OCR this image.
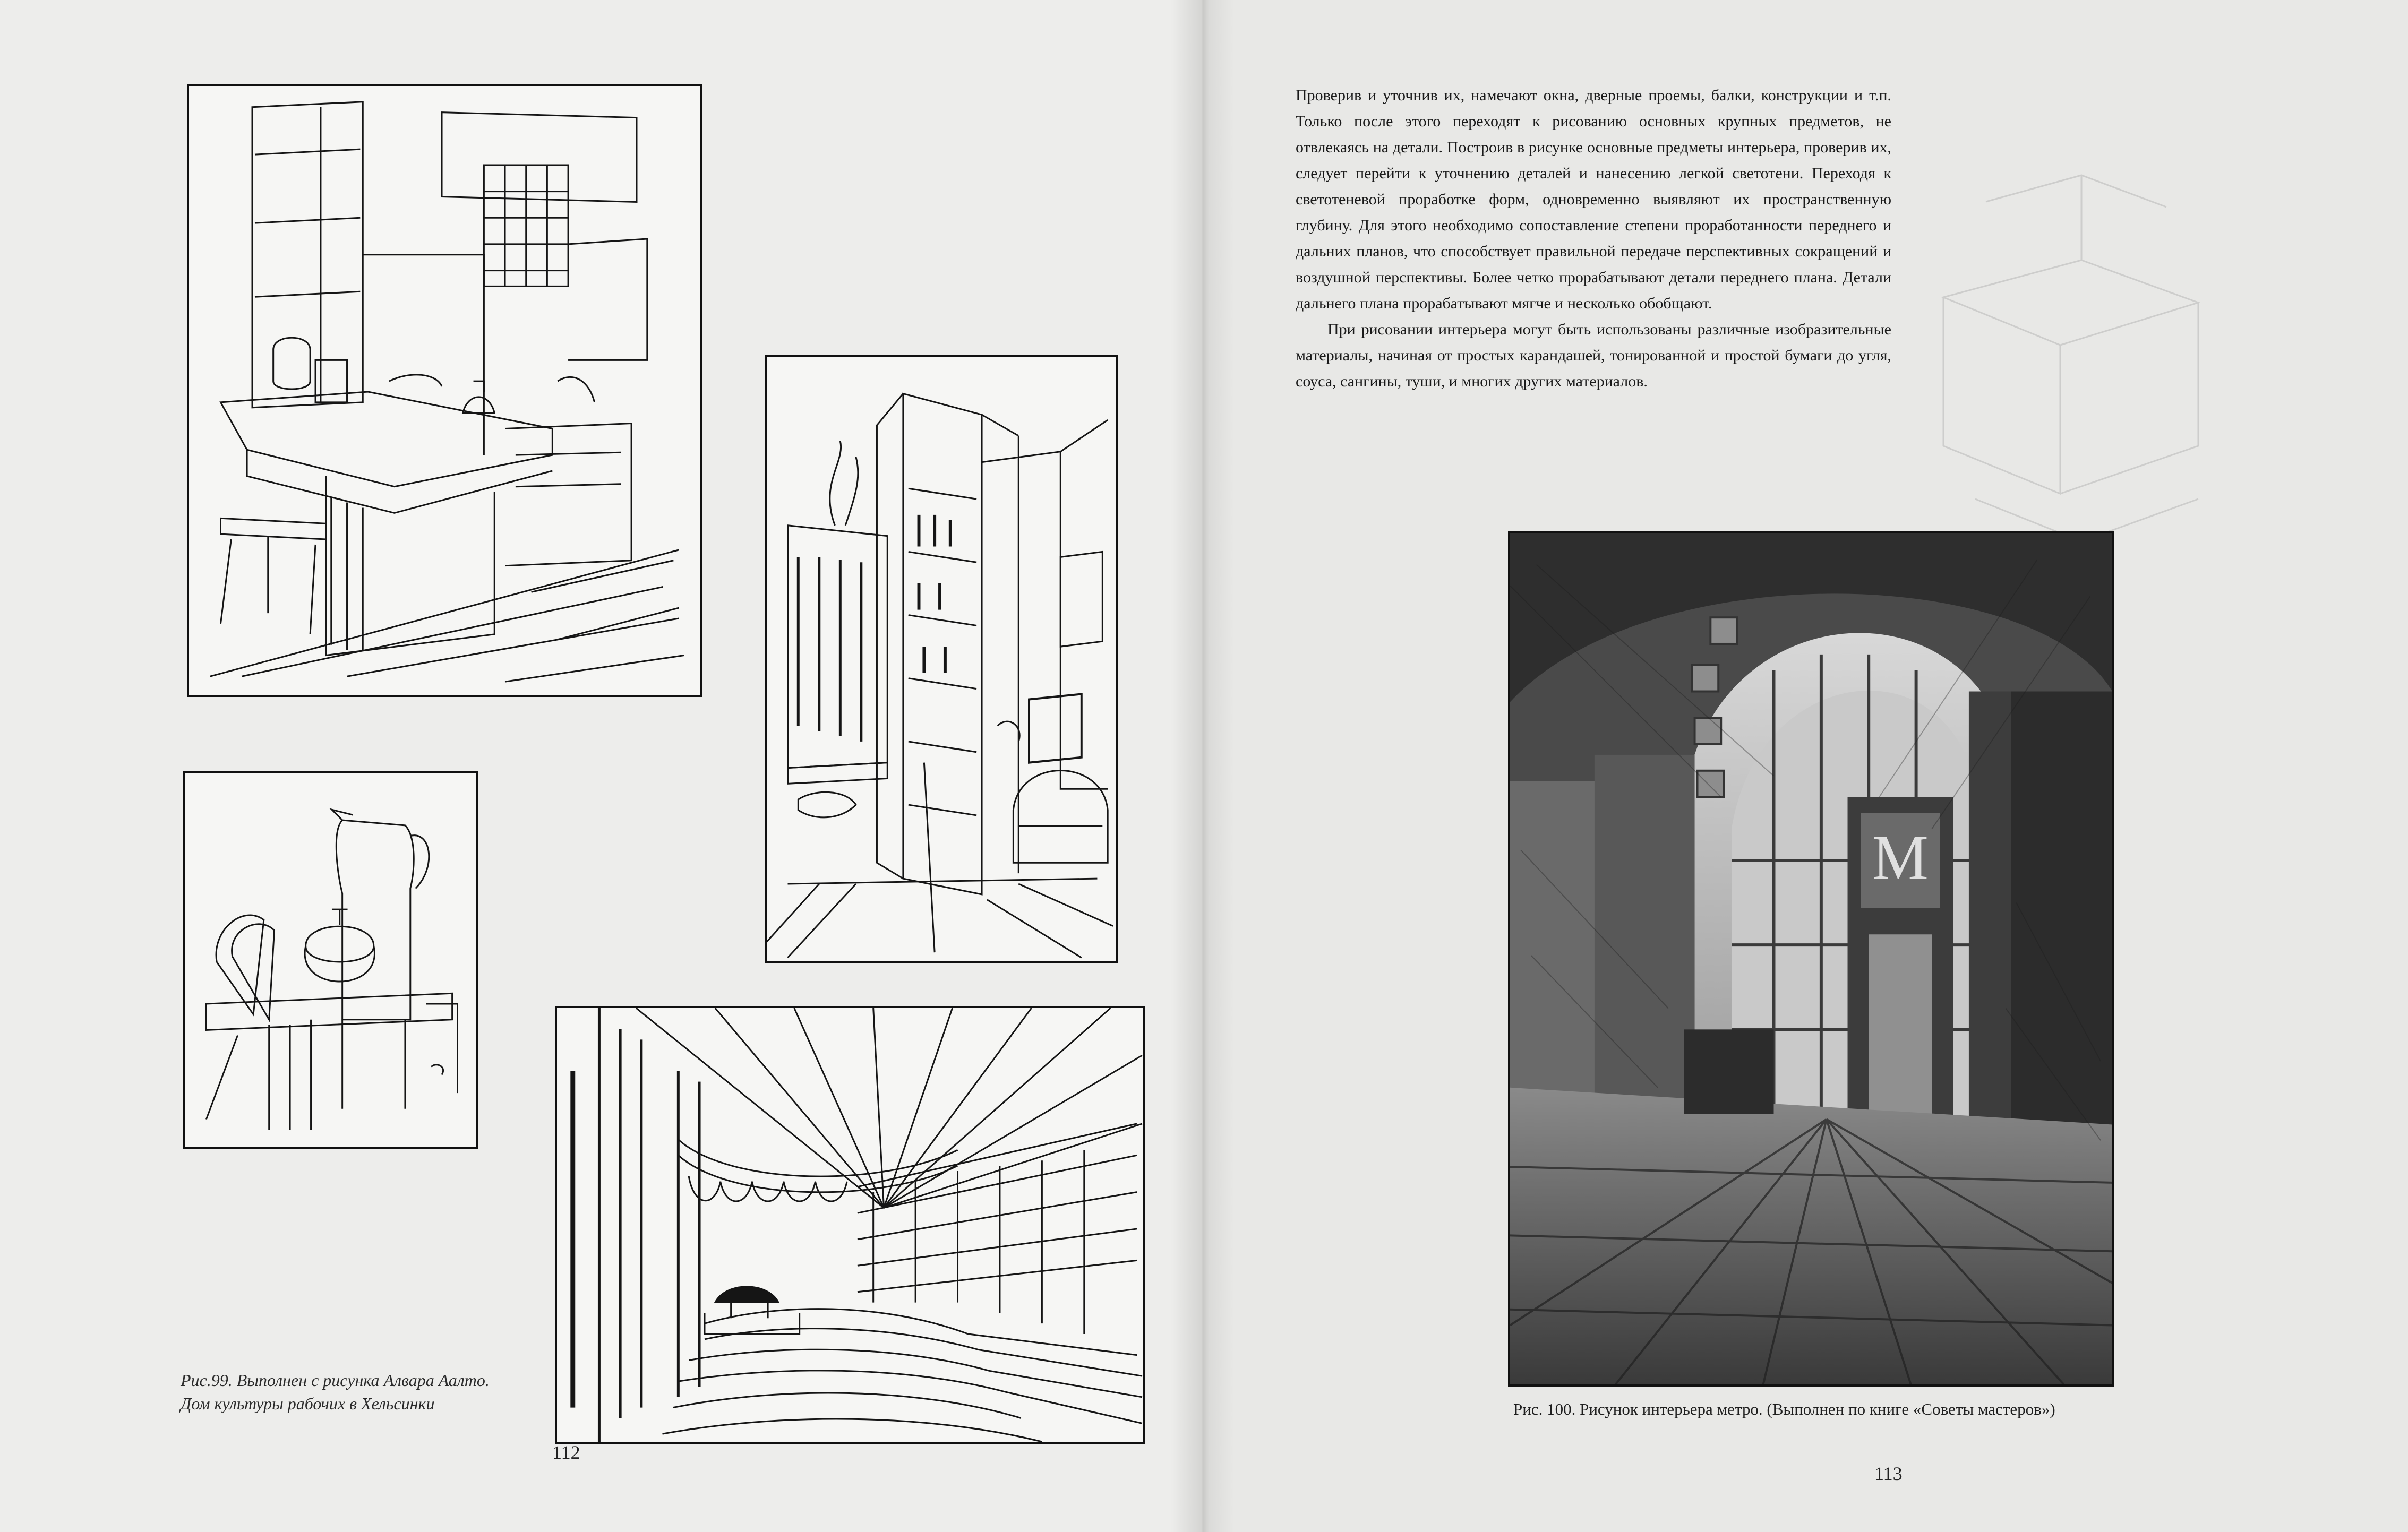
Рис.99. Выполнен с рисунка Алвара Аалто. Дом культуры рабочих в Хельсинки
112

Проверив и уточнив их, намечают окна, дверные проемы, балки, конструкции и т.п. Только после этого переходят к рисованию основных крупных предметов, не отвлекаясь на детали. Построив в рисунке основные предметы интерьера, проверив их, следует перейти к уточнению деталей и нанесению легкой светотени. Переходя к светотеневой проработке форм, одновременно выявляют их пространственную глубину. Для этого необходимо сопоставление степени проработанности переднего и дальних планов, что способствует правильной передаче перспективных сокращений и воздушной перспективы. Более четко прорабатывают детали переднего плана. Детали дальнего плана прорабатывают мягче и несколько обобщают.

При рисовании интерьера могут быть использованы различные изобразительные материалы, начиная от простых карандашей, тонированной и простой бумаги до угля, соуса, сангины, туши, и многих других материалов.

M
Рис. 100. Рисунок интерьера метро. (Выполнен по книге «Советы мастеров»)
113
